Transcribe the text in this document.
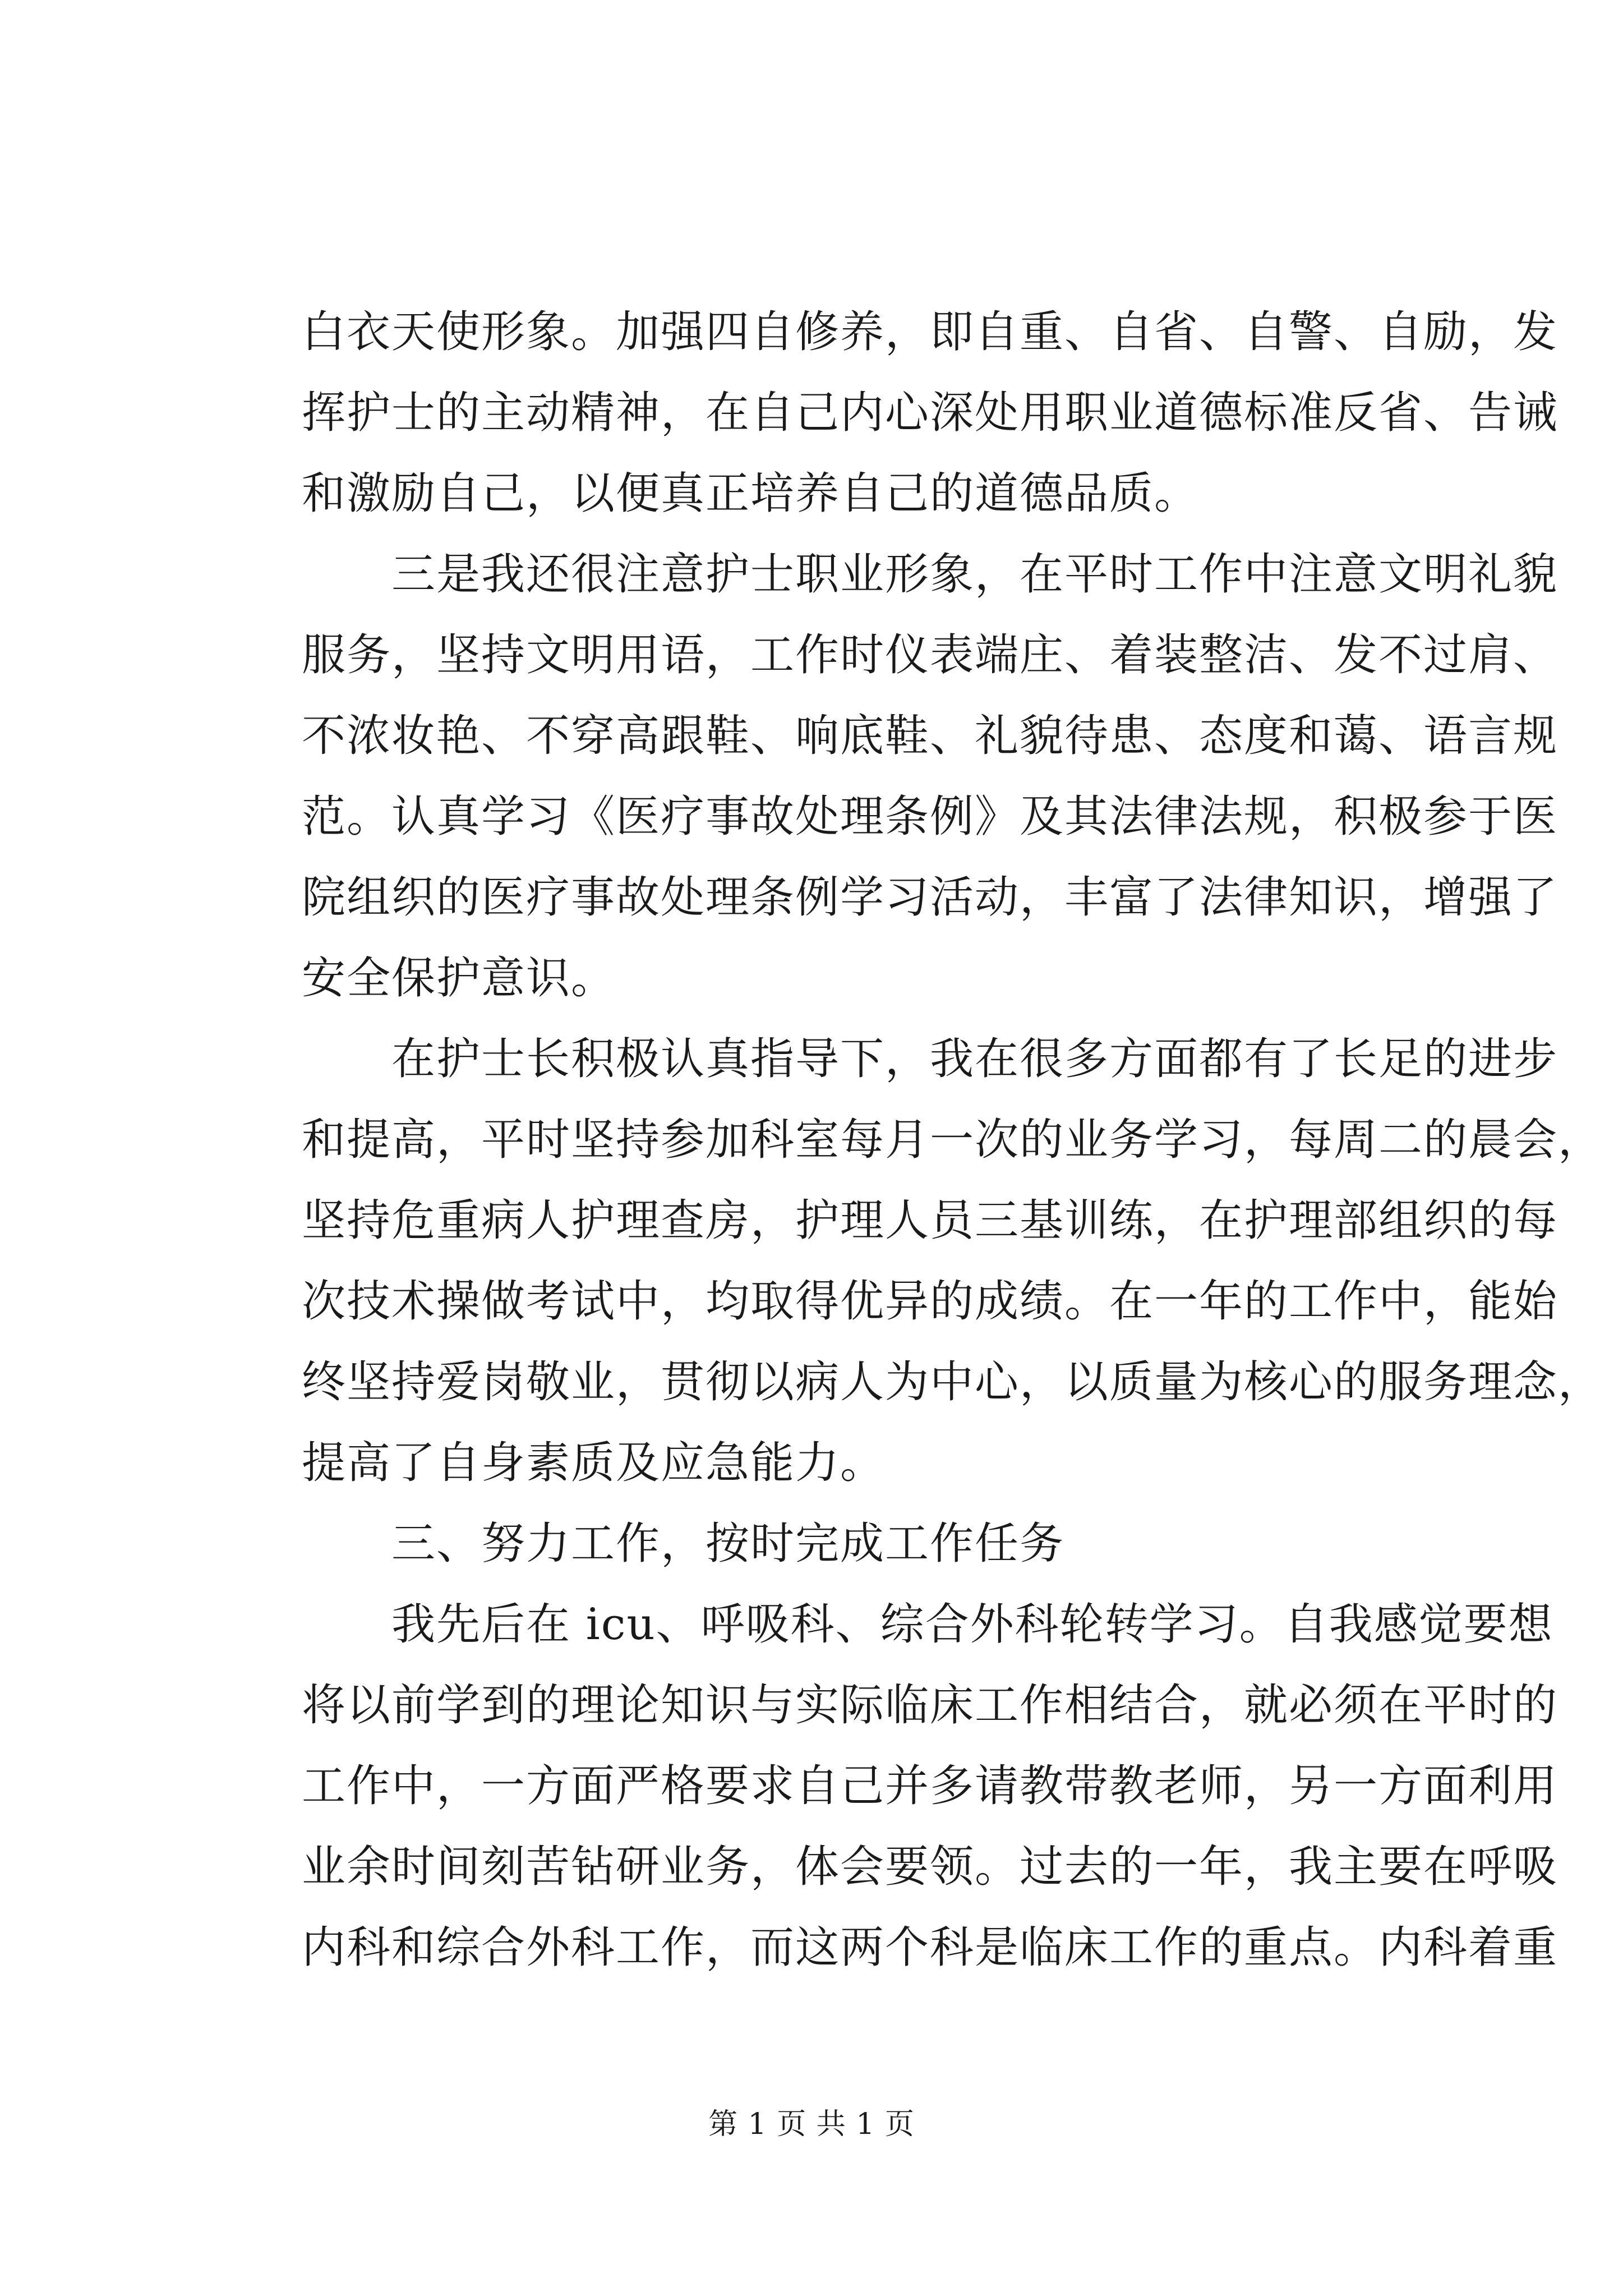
白衣天使形象。加强四自修养，即自重、自省、自警、自励，发
挥护士的主动精神，在自己内心深处用职业道德标准反省、告诫
和激励自己，以便真正培养自己的道德品质。
　　三是我还很注意护士职业形象，在平时工作中注意文明礼貌
服务，坚持文明用语，工作时仪表端庄、着装整洁、发不过肩、
不浓妆艳、不穿高跟鞋、响底鞋、礼貌待患、态度和蔼、语言规
范。认真学习《医疗事故处理条例》及其法律法规，积极参于医
院组织的医疗事故处理条例学习活动，丰富了法律知识，增强了
安全保护意识。
　　在护士长积极认真指导下，我在很多方面都有了长足的进步
和提高，平时坚持参加科室每月一次的业务学习，每周二的晨会，
坚持危重病人护理查房，护理人员三基训练，在护理部组织的每
次技术操做考试中，均取得优异的成绩。在一年的工作中，能始
终坚持爱岗敬业，贯彻以病人为中心，以质量为核心的服务理念，
提高了自身素质及应急能力。
　　三、努力工作，按时完成工作任务
　　我先后在 icu、呼吸科、综合外科轮转学习。自我感觉要想
将以前学到的理论知识与实际临床工作相结合，就必须在平时的
工作中，一方面严格要求自己并多请教带教老师，另一方面利用
业余时间刻苦钻研业务，体会要领。过去的一年，我主要在呼吸
内科和综合外科工作，而这两个科是临床工作的重点。内科着重
第 1 页 共 1 页
